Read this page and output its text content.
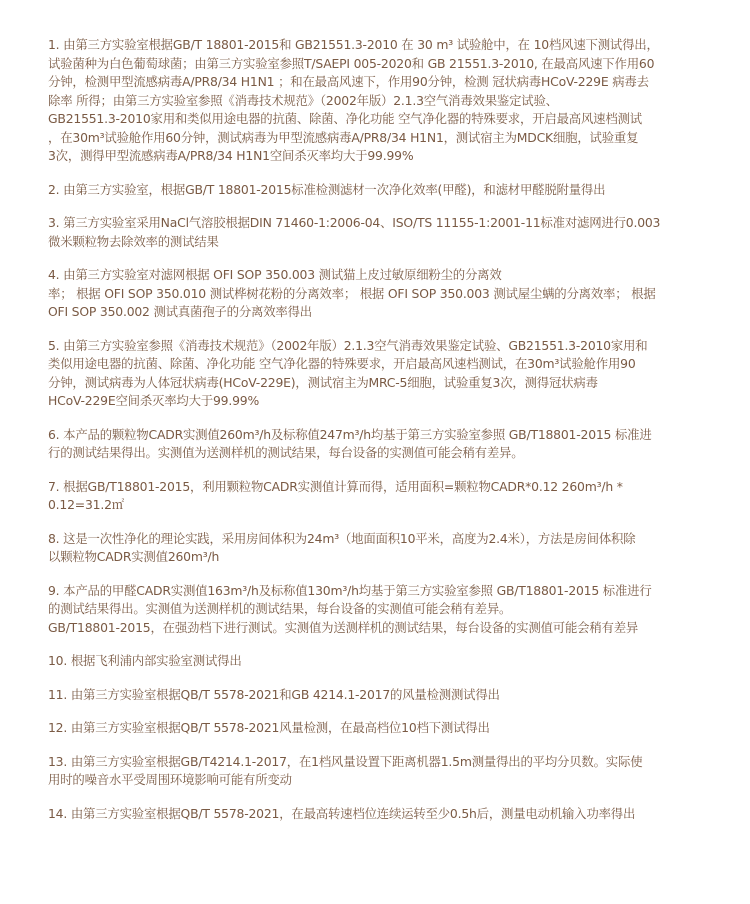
1. 由第三方实验室根据GB/T 18801-2015和 GB21551.3-2010 在 30 m³ 试验舱中，在 10档风速下测试得出，
试验菌种为白色葡萄球菌；由第三方实验室参照T/SAEPI 005-2020和 GB 21551.3-2010, 在最高风速下作用60
分钟，检测甲型流感病毒A/PR8/34 H1N1 ；和在最高风速下，作用90分钟，检测 冠状病毒HCoV-229E 病毒去
除率 所得；由第三方实验室参照《消毒技术规范》（2002年版）2.1.3空气消毒效果鉴定试验、
GB21551.3-2010家用和类似用途电器的抗菌、除菌、净化功能 空气净化器的特殊要求，开启最高风速档测试
，在30m³试验舱作用60分钟，测试病毒为甲型流感病毒A/PR8/34 H1N1，测试宿主为MDCK细胞，试验重复
3次，测得甲型流感病毒A/PR8/34 H1N1空间杀灭率均大于99.99%
2. 由第三方实验室，根据GB/T 18801-2015标准检测滤材一次净化效率(甲醛)，和滤材甲醛脱附量得出
3. 第三方实验室采用NaCl气溶胶根据DIN 71460-1:2006-04、ISO/TS 11155-1:2001-11标准对滤网进行0.003
微米颗粒物去除效率的测试结果
4. 由第三方实验室对滤网根据 OFI SOP 350.003 测试猫上皮过敏原细粉尘的分离效
率； 根据 OFI SOP 350.010 测试桦树花粉的分离效率； 根据 OFI SOP 350.003 测试屋尘螨的分离效率； 根据
OFI SOP 350.002 测试真菌孢子的分离效率得出
5. 由第三方实验室参照《消毒技术规范》（2002年版）2.1.3空气消毒效果鉴定试验、GB21551.3-2010家用和
类似用途电器的抗菌、除菌、净化功能 空气净化器的特殊要求，开启最高风速档测试，在30m³试验舱作用90
分钟，测试病毒为人体冠状病毒(HCoV-229E)，测试宿主为MRC-5细胞，试验重复3次，测得冠状病毒
HCoV-229E空间杀灭率均大于99.99%
6. 本产品的颗粒物CADR实测值260m³/h及标称值247m³/h均基于第三方实验室参照 GB/T18801-2015 标准进
行的测试结果得出。实测值为送测样机的测试结果，每台设备的实测值可能会稍有差异。
7. 根据GB/T18801-2015，利用颗粒物CADR实测值计算而得，适用面积=颗粒物CADR*0.12 260m³/h *
0.12=31.2㎡
8. 这是一次性净化的理论实践，采用房间体积为24m³（地面面积10平米，高度为2.4米），方法是房间体积除
以颗粒物CADR实测值260m³/h
9. 本产品的甲醛CADR实测值163m³/h及标称值130m³/h均基于第三方实验室参照 GB/T18801-2015 标准进行
的测试结果得出。实测值为送测样机的测试结果，每台设备的实测值可能会稍有差异。
GB/T18801-2015，在强劲档下进行测试。实测值为送测样机的测试结果，每台设备的实测值可能会稍有差异
10. 根据飞利浦内部实验室测试得出
11. 由第三方实验室根据QB/T 5578-2021和GB 4214.1-2017的风量检测测试得出
12. 由第三方实验室根据QB/T 5578-2021风量检测，在最高档位10档下测试得出
13. 由第三方实验室根据GB/T4214.1-2017，在1档风量设置下距离机器1.5m测量得出的平均分贝数。实际使
用时的噪音水平受周围环境影响可能有所变动
14. 由第三方实验室根据QB/T 5578-2021，在最高转速档位连续运转至少0.5h后，测量电动机输入功率得出
